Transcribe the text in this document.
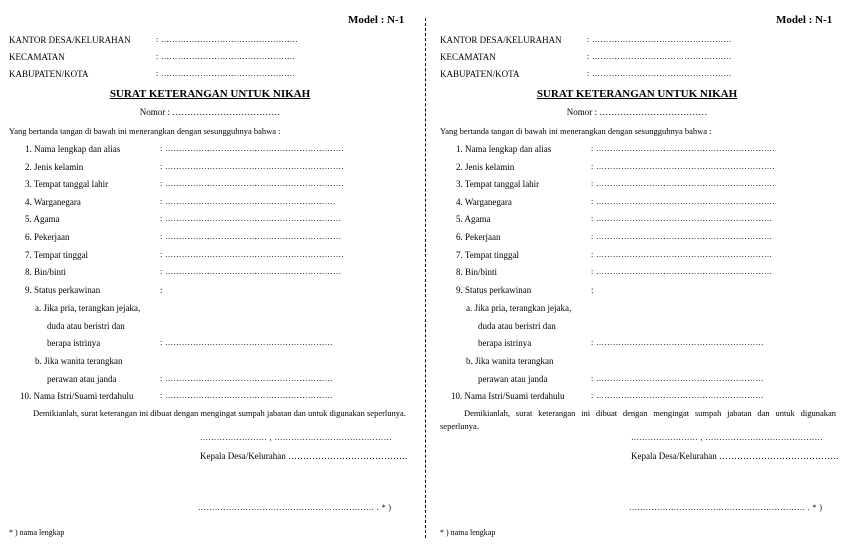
Model : N-1
KANTOR DESA/KELURAHAN	: ………………………………………….
KECAMATAN	: …………………………………………
KABUPATEN/KOTA	: …………………………………………
SURAT KETERANGAN UNTUK NIKAH
Nomor : ………………………………
Yang bertanda tangan di bawah ini menerangkan dengan sesungguhnya bahwa :
1. Nama lengkap dan alias	: ……………………………………………………….
2. Jenis kelamin	: ……………………………………………………….
3. Tempat tanggal lahir	: ……………………………………………………….
4. Warganegara	: …………………………………………………….
5. Agama	: ………………………………………………………
6. Pekerjaan	: ………………………………………………………
7. Tempat tinggal	: ……………………………………………………….
8. Bin/binti	: ………………………………………………………
9. Status perkawinan	:
a. Jika pria, terangkan jejaka,
duda atau beristri dan
berapa istrinya	: ……………………………………………………
b. Jika wanita terangkan
perawan atau janda	: ……………………………………………………
10. Nama Istri/Suami terdahulu	: ……………………………………………………
Demikianlah, surat keterangan ini dibuat dengan mengingat sumpah jabatan dan untuk digunakan seperlunya.
…………………… , ……………………………………
Kepala Desa/Kelurahan ………………………………….
……………………………………………………… . * )
* ) nama lengkap
Model : N-1
KANTOR DESA/KELURAHAN	: …………………………………………..
KECAMATAN	: …………………………………………..
KABUPATEN/KOTA	: …………………………………………..
SURAT KETERANGAN UNTUK NIKAH
Nomor : ………………………………
Yang bertanda tangan di bawah ini menerangkan dengan sesungguhnya bahwa :
1. Nama lengkap dan alias	: ……………………………………………………….
2. Jenis kelamin	: ……………………………………………………….
3. Tempat tanggal lahir	: ……………………………………………………….
4. Warganegara	: ……………………………………………………….
5. Agama	: ………………………………………………………
6. Pekerjaan	: ………………………………………………………
7. Tempat tinggal	: ………………………………………………………
8. Bin/binti	: ………………………………………………………
9. Status perkawinan	:
a. Jika pria, terangkan jejaka,
duda atau beristri dan
berapa istrinya	: ……………………………………………………
b. Jika wanita terangkan
perawan atau janda	: ……………………………………………………
10. Nama Istri/Suami terdahulu	: ……………………………………………………
Demikianlah, surat keterangan ini dibuat dengan mengingat sumpah jabatan dan untuk digunakan seperlunya.
…………………… , ……………………………………
Kepala Desa/Kelurahan ………………………………….
……………………………………………………… . * )
* ) nama lengkap
